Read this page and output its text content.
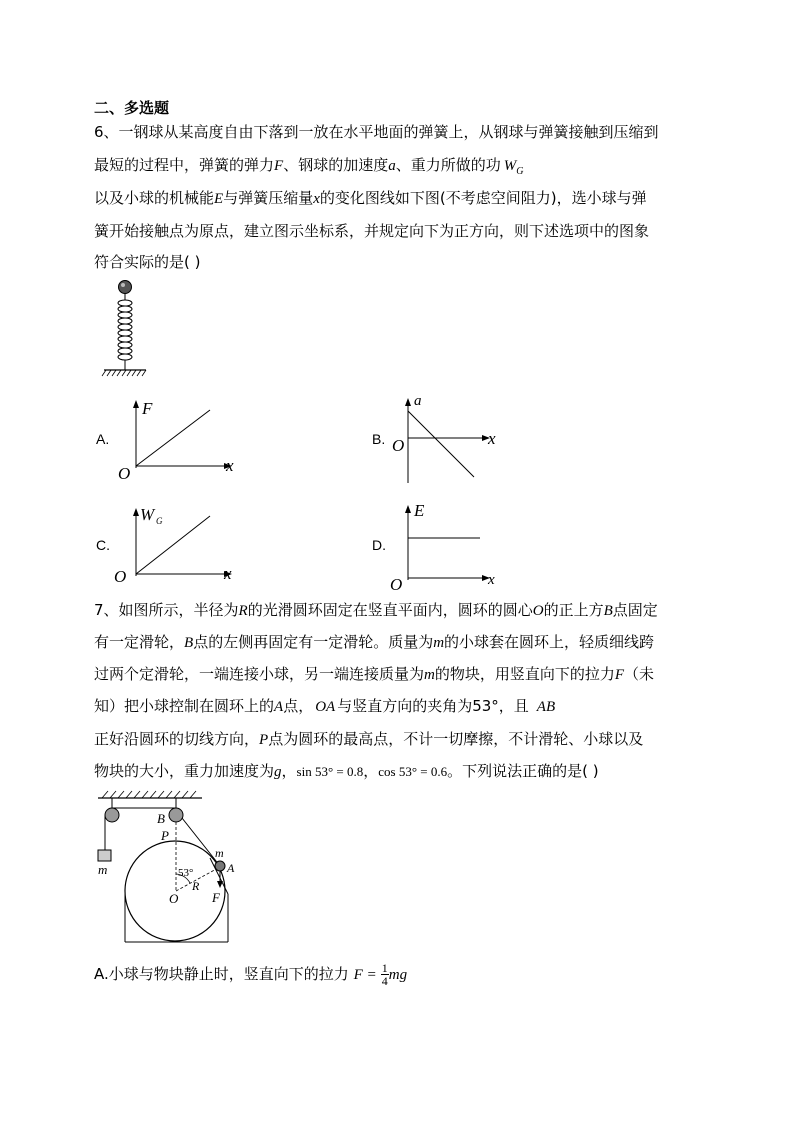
二、多选题
6、一钢球从某高度自由下落到一放在水平地面的弹簧上，从钢球与弹簧接触到压缩到
最短的过程中，弹簧的弹力F、钢球的加速度a、重力所做的功 $W_G$
以及小球的机械能E与弹簧压缩量x的变化图线如下图(不考虑空间阻力)，选小球与弹
簧开始接触点为原点，建立图示坐标系，并规定向下为正方向，则下述选项中的图象
符合实际的是( )
A.
F
O	x
B.
a
O	x
C.
W G
O	x
D.
E
O	x
7、如图所示，半径为R的光滑圆环固定在竖直平面内，圆环的圆心O的正上方B点固定
有一定滑轮，B点的左侧再固定有一定滑轮。质量为m的小球套在圆环上，轻质细线跨
过两个定滑轮，一端连接小球，另一端连接质量为m的物块，用竖直向下的拉力F（未
知）把小球控制在圆环上的A点， OA 与竖直方向的夹角为53°，且 AB
正好沿圆环的切线方向，P点为圆环的最高点，不计一切摩擦，不计滑轮、小球以及
物块的大小，重力加速度为g，sin 53° = 0.8，cos 53° = 0.6。下列说法正确的是( )
B
P
m
A
53°
R
O	F
m
A.小球与物块静止时，竖直向下的拉力 $F = \frac{1}{4}$ mg
